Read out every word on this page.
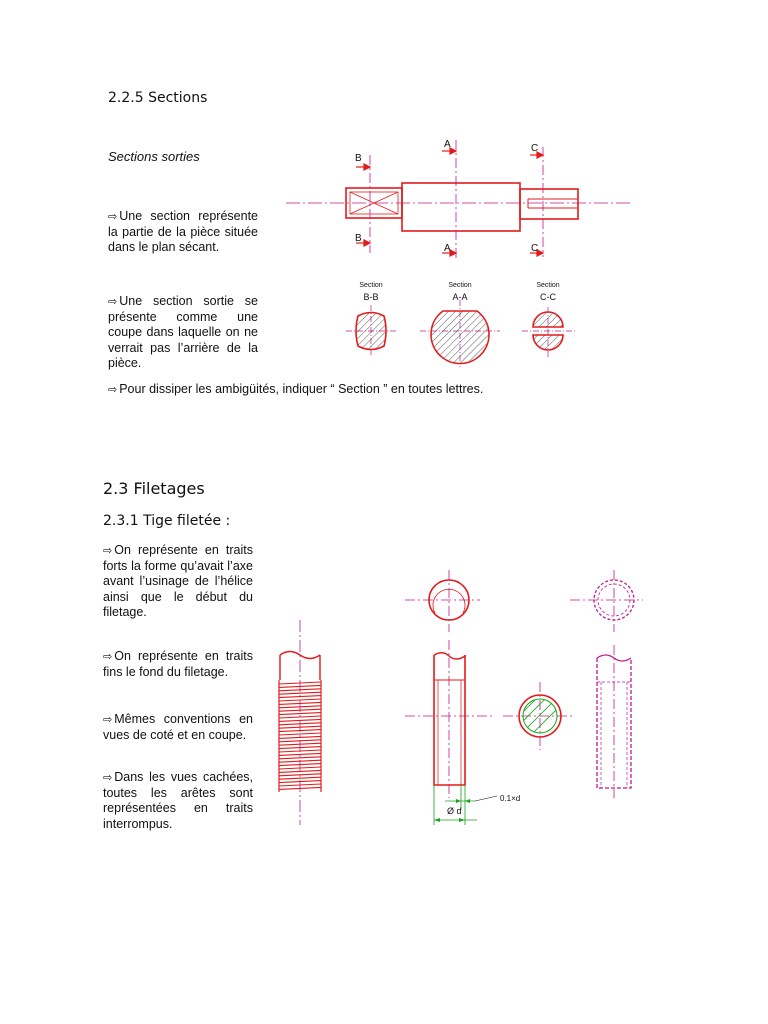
2.2.5 Sections
Sections sorties

⇨ Une section représente la partie de la pièce située dans le plan sécant.

⇨ Une section sortie se présente comme une coupe dans laquelle on ne verrait pas l’arrière de la pièce.

⇨ Pour dissiper les ambigüités, indiquer “ Section ” en toutes lettres.

B
B
A
A
C
C
Section	Section	Section
B-B	A-A	C-C
2.3 Filetages
2.3.1 Tige filetée :

⇨ On représente en traits forts la forme qu’avait l’axe avant l’usinage de l’hélice ainsi que le début du filetage.

⇨ On représente en traits fins le fond du filetage.

⇨ Mêmes conventions en vues de coté et en coupe.

⇨ Dans les vues cachées, toutes les arêtes sont représentées en traits interrompus.

Ø d
0.1×d
